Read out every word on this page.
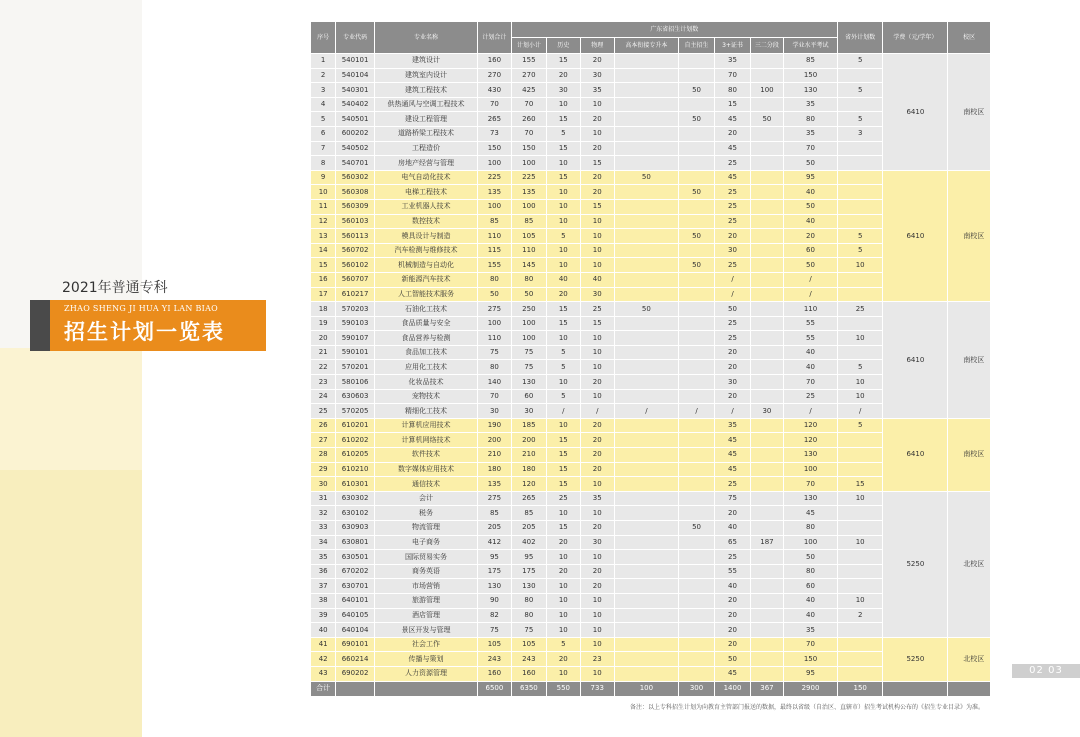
2021年普通专科
ZHAO SHENG JI HUA YI LAN BIAO
招生计划一览表
序号	专业代码	专业名称	计划合计	广东省招生计划数								省外计划数	学费（元/学年）	校区
				计划小计	历史	物理	高本衔接专升本	自主招生	3+证书	三二分段	学业水平考试			
1	540101	建筑设计	160	155	15	20			35		85	5	6410	南校区
2	540104	建筑室内设计	270	270	20	30			70		150			
3	540301	建筑工程技术	430	425	30	35		50	80	100	130	5		
4	540402	供热通风与空调工程技术	70	70	10	10			15		35			
5	540501	建设工程管理	265	260	15	20		50	45	50	80	5		
6	600202	道路桥梁工程技术	73	70	5	10			20		35	3		
7	540502	工程造价	150	150	15	20			45		70			
8	540701	房地产经营与管理	100	100	10	15			25		50			
9	560302	电气自动化技术	225	225	15	20	50		45		95		6410	南校区
10	560308	电梯工程技术	135	135	10	20		50	25		40			
11	560309	工业机器人技术	100	100	10	15			25		50			
12	560103	数控技术	85	85	10	10			25		40			
13	560113	模具设计与制造	110	105	5	10		50	20		20	5		
14	560702	汽车检测与维修技术	115	110	10	10			30		60	5		
15	560102	机械制造与自动化	155	145	10	10		50	25		50	10		
16	560707	新能源汽车技术	80	80	40	40			/		/			
17	610217	人工智能技术服务	50	50	20	30			/		/			
18	570203	石油化工技术	275	250	15	25	50		50		110	25	6410	南校区
19	590103	食品质量与安全	100	100	15	15			25		55			
20	590107	食品营养与检测	110	100	10	10			25		55	10		
21	590101	食品加工技术	75	75	5	10			20		40			
22	570201	应用化工技术	80	75	5	10			20		40	5		
23	580106	化妆品技术	140	130	10	20			30		70	10		
24	630603	宠物技术	70	60	5	10			20		25	10		
25	570205	精细化工技术	30	30	/	/	/	/	/	30	/	/		
26	610201	计算机应用技术	190	185	10	20			35		120	5	6410	南校区
27	610202	计算机网络技术	200	200	15	20			45		120			
28	610205	软件技术	210	210	15	20			45		130			
29	610210	数字媒体应用技术	180	180	15	20			45		100			
30	610301	通信技术	135	120	15	10			25		70	15		
31	630302	会计	275	265	25	35			75		130	10	5250	北校区
32	630102	税务	85	85	10	10			20		45			
33	630903	物流管理	205	205	15	20		50	40		80			
34	630801	电子商务	412	402	20	30			65	187	100	10		
35	630501	国际贸易实务	95	95	10	10			25		50			
36	670202	商务英语	175	175	20	20			55		80			
37	630701	市场营销	130	130	10	20			40		60			
38	640101	旅游管理	90	80	10	10			20		40	10		
39	640105	酒店管理	82	80	10	10			20		40	2		
40	640104	景区开发与管理	75	75	10	10			20		35			
41	690101	社会工作	105	105	5	10			20		70		5250	北校区
42	660214	传播与策划	243	243	20	23			50		150			
43	690202	人力资源管理	160	160	10	10			45		95			
合计			6500	6350	550	733	100	300	1400	367	2900	150		
02 03
备注：以上专科招生计划为向教育主管部门报送的数据，最终以省级（自治区、直辖市）招生考试机构公布的《招生专业目录》为准。
